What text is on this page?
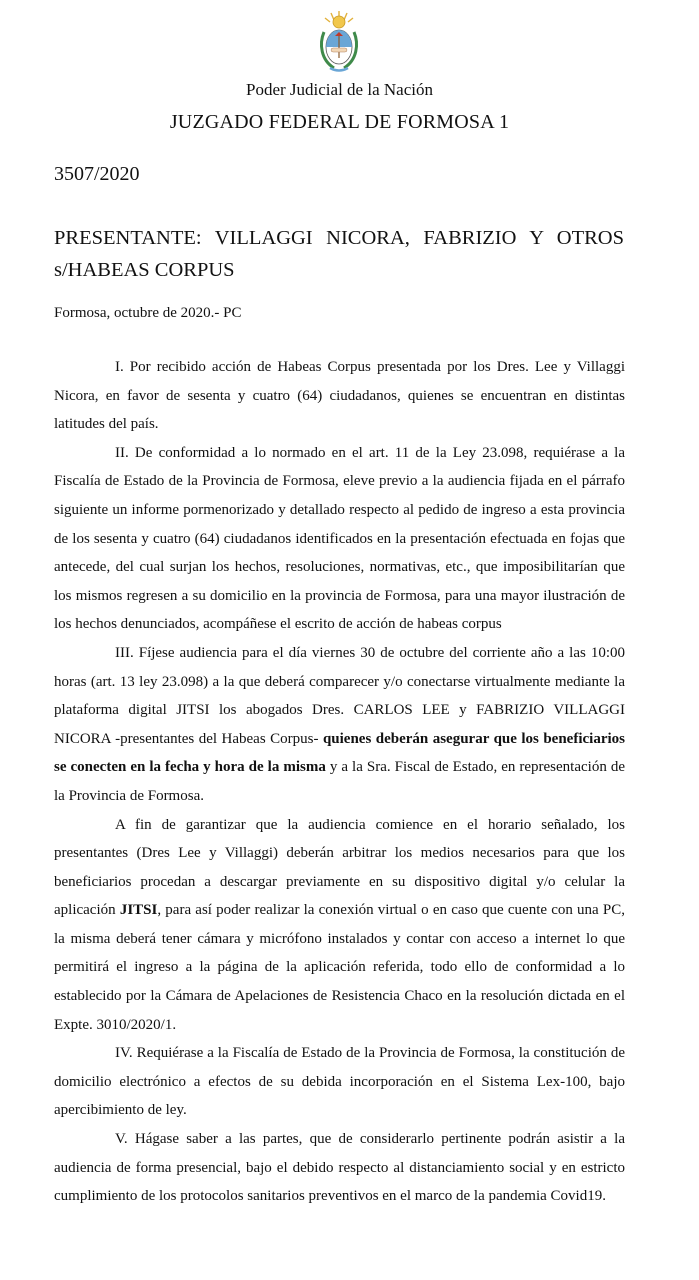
Poder Judicial de la Nación
JUZGADO FEDERAL DE FORMOSA 1
3507/2020
PRESENTANTE: VILLAGGI NICORA, FABRIZIO Y OTROS s/HABEAS CORPUS
Formosa, octubre de 2020.- PC

I. Por recibido acción de Habeas Corpus presentada por los Dres. Lee y Villaggi Nicora, en favor de sesenta y cuatro (64) ciudadanos, quienes se encuentran en distintas latitudes del país.

II. De conformidad a lo normado en el art. 11 de la Ley 23.098, requiérase a la Fiscalía de Estado de la Provincia de Formosa, eleve previo a la audiencia fijada en el párrafo siguiente un informe pormenorizado y detallado respecto al pedido de ingreso a esta provincia de los sesenta y cuatro (64) ciudadanos identificados en la presentación efectuada en fojas que antecede, del cual surjan los hechos, resoluciones, normativas, etc., que imposibilitarían que los mismos regresen a su domicilio en la provincia de Formosa, para una mayor ilustración de los hechos denunciados, acompáñese el escrito de acción de habeas corpus

III. Fíjese audiencia para el día viernes 30 de octubre del corriente año a las 10:00 horas (art. 13 ley 23.098) a la que deberá comparecer y/o conectarse virtualmente mediante la plataforma digital JITSI los abogados Dres. CARLOS LEE y FABRIZIO VILLAGGI NICORA -presentantes del Habeas Corpus- quienes deberán asegurar que los beneficiarios se conecten en la fecha y hora de la misma y a la Sra. Fiscal de Estado, en representación de la Provincia de Formosa.

A fin de garantizar que la audiencia comience en el horario señalado, los presentantes (Dres Lee y Villaggi) deberán arbitrar los medios necesarios para que los beneficiarios procedan a descargar previamente en su dispositivo digital y/o celular la aplicación JITSI, para así poder realizar la conexión virtual o en caso que cuente con una PC, la misma deberá tener cámara y micrófono instalados y contar con acceso a internet lo que permitirá el ingreso a la página de la aplicación referida, todo ello de conformidad a lo establecido por la Cámara de Apelaciones de Resistencia Chaco en la resolución dictada en el Expte. 3010/2020/1.

IV. Requiérase a la Fiscalía de Estado de la Provincia de Formosa, la constitución de domicilio electrónico a efectos de su debida incorporación en el Sistema Lex-100, bajo apercibimiento de ley.

V. Hágase saber a las partes, que de considerarlo pertinente podrán asistir a la audiencia de forma presencial, bajo el debido respecto al distanciamiento social y en estricto cumplimiento de los protocolos sanitarios preventivos en el marco de la pandemia Covid19.
